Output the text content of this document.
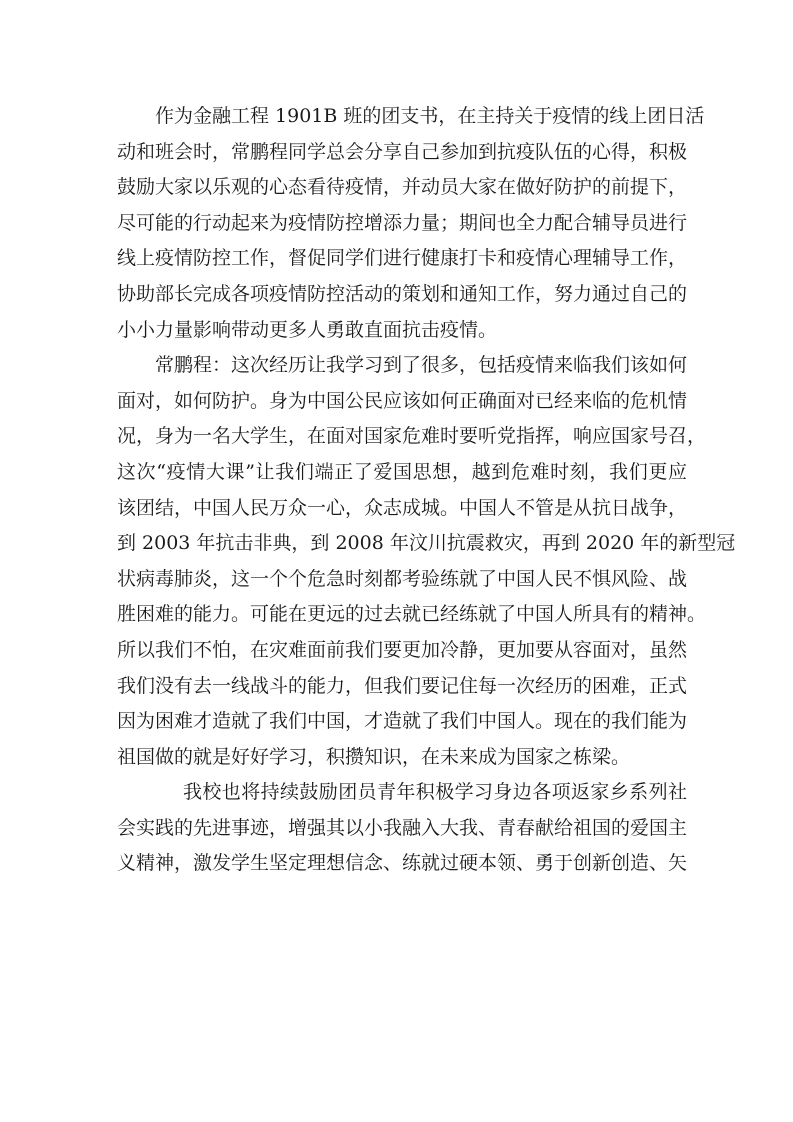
作为金融工程 1901B 班的团支书，在主持关于疫情的线上团日活
动和班会时，常鹏程同学总会分享自己参加到抗疫队伍的心得，积极
鼓励大家以乐观的心态看待疫情，并动员大家在做好防护的前提下，
尽可能的行动起来为疫情防控增添力量；期间也全力配合辅导员进行
线上疫情防控工作，督促同学们进行健康打卡和疫情心理辅导工作，
协助部长完成各项疫情防控活动的策划和通知工作，努力通过自己的
小小力量影响带动更多人勇敢直面抗击疫情。
常鹏程：这次经历让我学习到了很多，包括疫情来临我们该如何
面对，如何防护。身为中国公民应该如何正确面对已经来临的危机情
况，身为一名大学生，在面对国家危难时要听党指挥，响应国家号召，
这次“疫情大课”让我们端正了爱国思想，越到危难时刻，我们更应
该团结，中国人民万众一心，众志成城。中国人不管是从抗日战争，
到 2003 年抗击非典，到 2008 年汶川抗震救灾，再到 2020 年的新型冠
状病毒肺炎，这一个个危急时刻都考验练就了中国人民不惧风险、战
胜困难的能力。可能在更远的过去就已经练就了中国人所具有的精神。
所以我们不怕，在灾难面前我们要更加冷静，更加要从容面对，虽然
我们没有去一线战斗的能力，但我们要记住每一次经历的困难，正式
因为困难才造就了我们中国，才造就了我们中国人。现在的我们能为
祖国做的就是好好学习，积攒知识，在未来成为国家之栋梁。
我校也将持续鼓励团员青年积极学习身边各项返家乡系列社
会实践的先进事迹，增强其以小我融入大我、青春献给祖国的爱国主
义精神，激发学生坚定理想信念、练就过硬本领、勇于创新创造、矢
